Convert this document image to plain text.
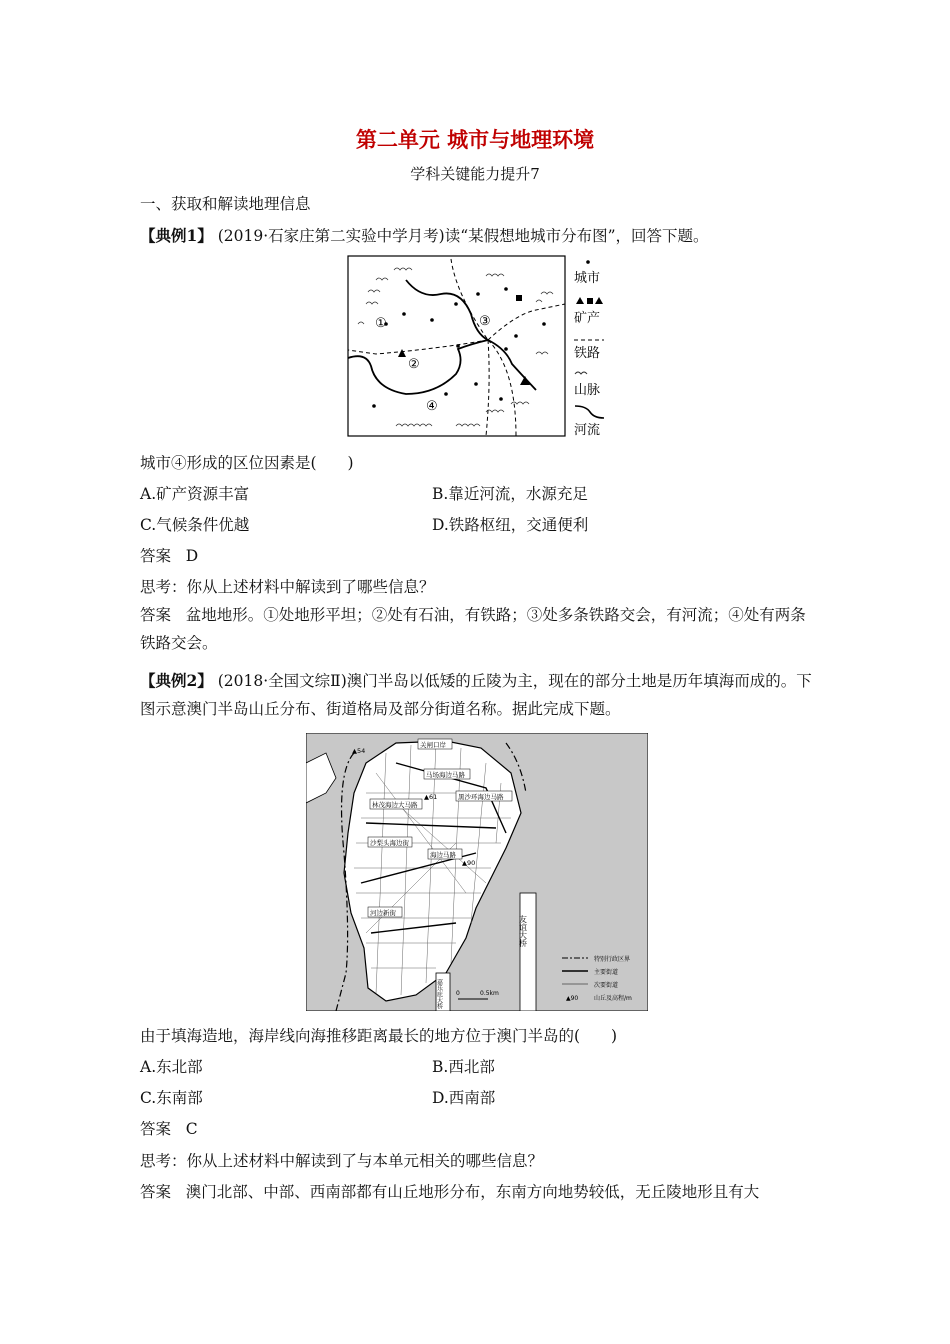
第二单元 城市与地理环境
学科关键能力提升7
一、获取和解读地理信息
【典例1】 (2019·石家庄第二实验中学月考)读“某假想地城市分布图”，回答下题。
①
②
③
④
城市
矿产
铁路
山脉
河流
城市④形成的区位因素是(　　)
A.矿产资源丰富	B.靠近河流，水源充足
C.气候条件优越	D.铁路枢纽，交通便利
答案 D
思考：你从上述材料中解读到了哪些信息？
答案 盆地地形。①处地形平坦；②处有石油，有铁路；③处多条铁路交会，有河流；④处有两条铁路交会。
【典例2】 (2018·全国文综Ⅱ)澳门半岛以低矮的丘陵为主，现在的部分土地是历年填海而成的。下图示意澳门半岛山丘分布、街道格局及部分街道名称。据此完成下题。
关闸口岸
马场海边马路
黑沙环海边马路
林茂海边大马路
沙梨头海边街
海边马路
河边新街
▲54
▲61
▲90
友谊大桥
嘉乐庇大桥 0	0.5km
特别行政区界
主要街道
次要街道
▲90	山丘及高程/m
由于填海造地，海岸线向海推移距离最长的地方位于澳门半岛的(　　)
A.东北部	B.西北部
C.东南部	D.西南部
答案 C
思考：你从上述材料中解读到了与本单元相关的哪些信息？
答案 澳门北部、中部、西南部都有山丘地形分布，东南方向地势较低，无丘陵地形且有大
